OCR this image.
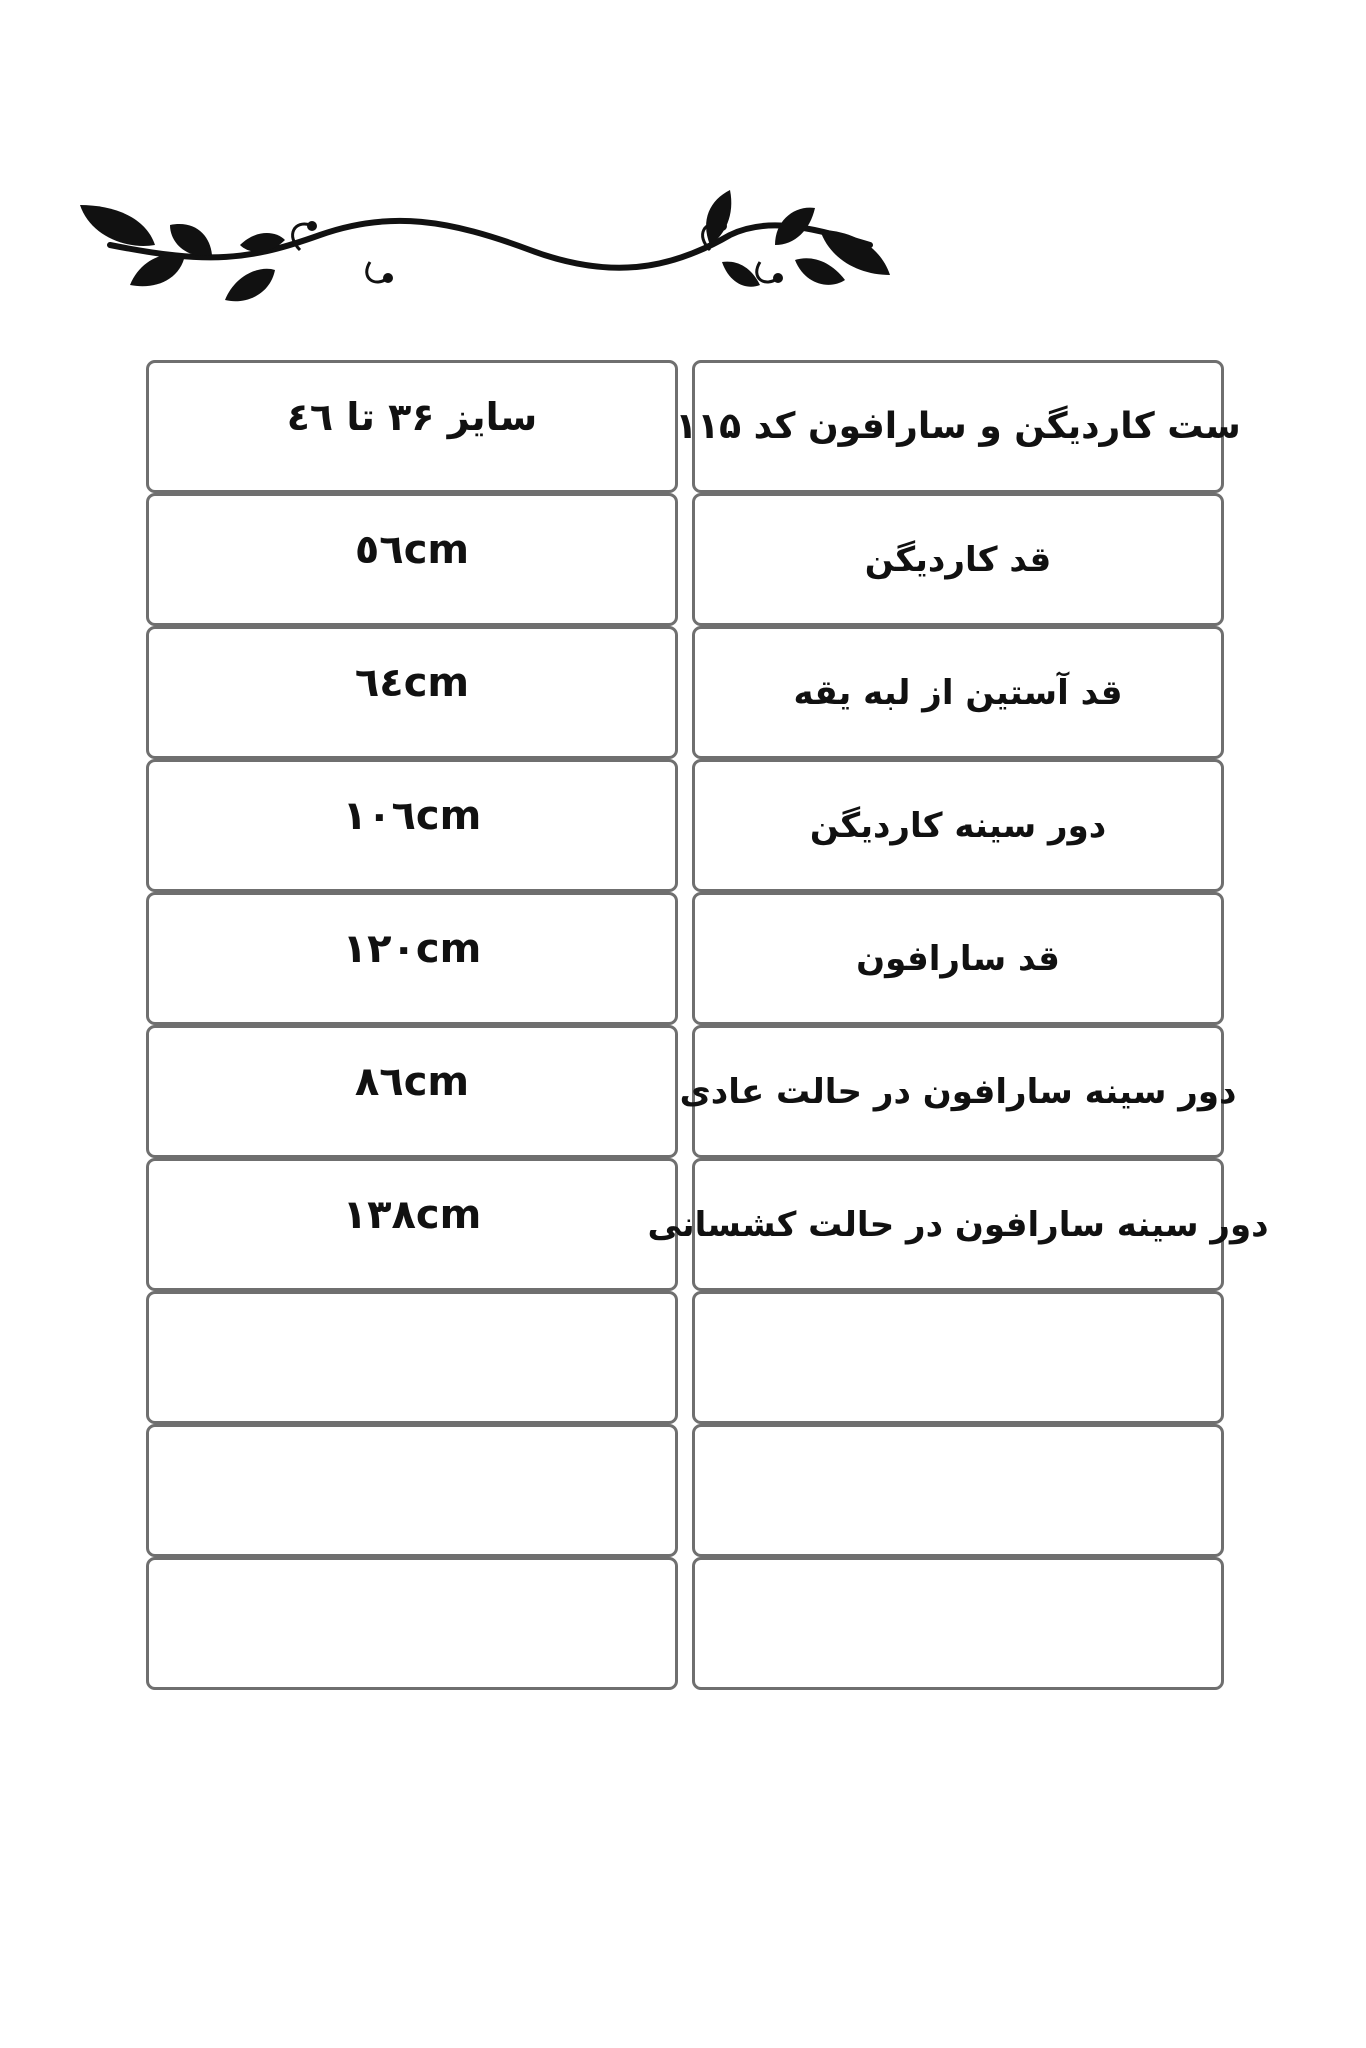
سایز ۳۶ تا ٤٦	ست کاردیگن و سارافون کد ۱۱۵
٥٦cm	قد کاردیگن
٦٤cm	قد آستین از لبه یقه
۱۰٦cm	دور سینه کاردیگن
۱۲۰cm	قد سارافون
۸٦cm	دور سینه سارافون در حالت عادی
۱۳۸cm	دور سینه سارافون در حالت کشسانی
